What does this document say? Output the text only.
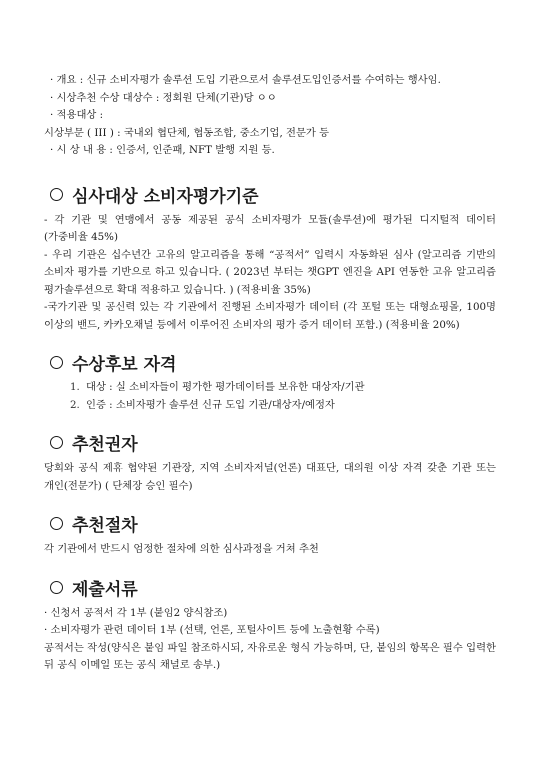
· 개요 : 신규 소비자평가 솔루션 도입 기관으로서 솔루션도입인증서를 수여하는 행사임.
· 시상추천 수상 대상수 : 정회원 단체(기관)당 ㅇㅇ
· 적용대상 :
시상부문 ( III ) : 국내외 협단체, 협동조합, 중소기업, 전문가 등
· 시 상 내 용 : 인증서, 인준패, NFT 발행 지원 등.
심사대상 소비자평가기준
- 각 기관 및 연맹에서 공동 제공된 공식 소비자평가 모듈(솔루션)에 평가된 디지털적 데이터 (가중비율 45%)
- 우리 기관은 십수년간 고유의 알고리즘을 통해 “공적서” 입력시 자동화된 심사 (알고리즘 기반의 소비자 평가를 기반으로 하고 있습니다. ( 2023년 부터는 챗GPT 엔진을 API 연동한 고유 알고리즘 평가솔루션으로 확대 적용하고 있습니다. ) (적용비율 35%)
-국가기관 및 공신력 있는 각 기관에서 진행된 소비자평가 데이터 (각 포털 또는 대형쇼핑몰, 100명 이상의 밴드, 카카오채널 등에서 이루어진 소비자의 평가 증거 데이터 포함.) (적용비율 20%)
수상후보 자격
1. 대상 : 실 소비자들이 평가한 평가데이터를 보유한 대상자/기관
2. 인증 : 소비자평가 솔루션 신규 도입 기관/대상자/예정자
추천권자
당회와 공식 제휴 협약된 기관장, 지역 소비자저널(언론) 대표단, 대의원 이상 자격 갖춘 기관 또는 개인(전문가) ( 단체장 승인 필수)
추천절차
각 기관에서 반드시 엄정한 절차에 의한 심사과정을 거쳐 추천
제출서류
· 신청서 공적서 각 1부 (붙임2 양식참조)
· 소비자평가 관련 데이터 1부 (선택, 언론, 포털사이트 등에 노출현황 수록)
공적서는 작성(양식은 붙임 파일 참조하시되, 자유로운 형식 가능하며, 단, 붙임의 항목은 필수 입력한 뒤 공식 이메일 또는 공식 채널로 송부.)
